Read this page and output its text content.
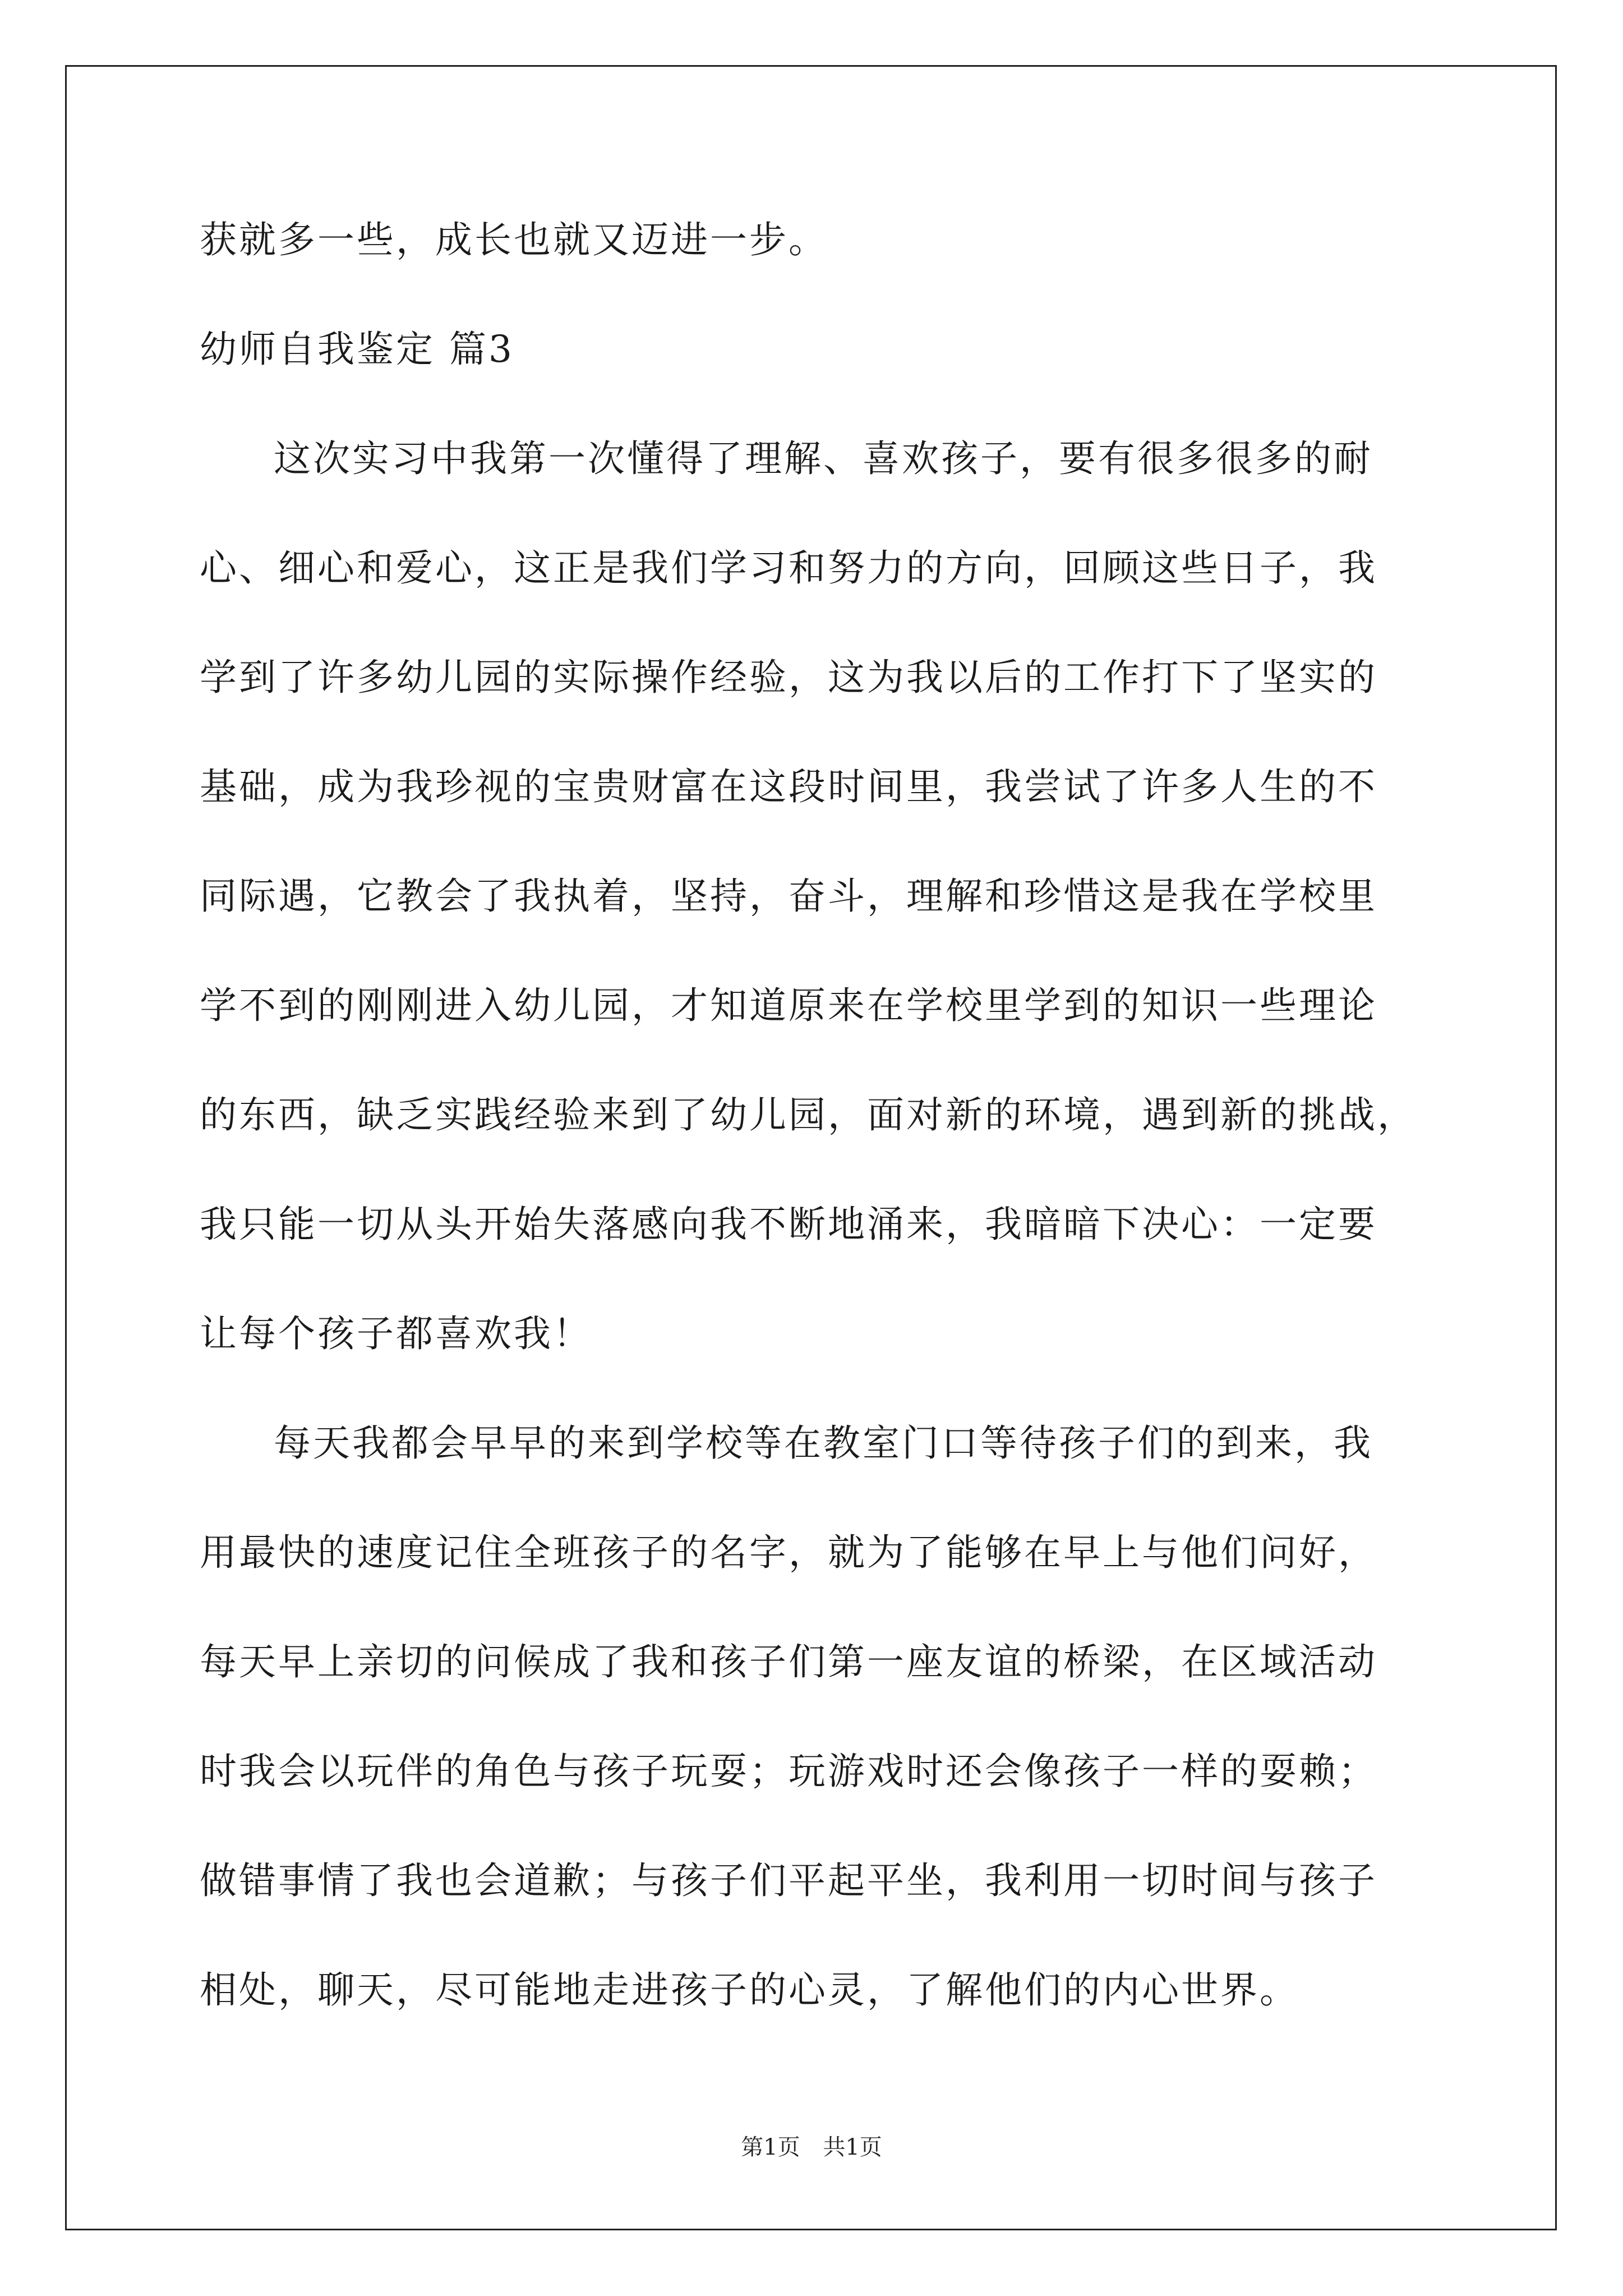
获就多一些，成长也就又迈进一步。
幼师自我鉴定 篇3
这次实习中我第一次懂得了理解、喜欢孩子，要有很多很多的耐
心、细心和爱心，这正是我们学习和努力的方向，回顾这些日子，我
学到了许多幼儿园的实际操作经验，这为我以后的工作打下了坚实的
基础，成为我珍视的宝贵财富在这段时间里，我尝试了许多人生的不
同际遇，它教会了我执着，坚持，奋斗，理解和珍惜这是我在学校里
学不到的刚刚进入幼儿园，才知道原来在学校里学到的知识一些理论
的东西，缺乏实践经验来到了幼儿园，面对新的环境，遇到新的挑战，
我只能一切从头开始失落感向我不断地涌来，我暗暗下决心：一定要
让每个孩子都喜欢我！
每天我都会早早的来到学校等在教室门口等待孩子们的到来，我
用最快的速度记住全班孩子的名字，就为了能够在早上与他们问好，
每天早上亲切的问候成了我和孩子们第一座友谊的桥梁，在区域活动
时我会以玩伴的角色与孩子玩耍；玩游戏时还会像孩子一样的耍赖；
做错事情了我也会道歉；与孩子们平起平坐，我利用一切时间与孩子
相处，聊天，尽可能地走进孩子的心灵，了解他们的内心世界。
第1页 共1页
